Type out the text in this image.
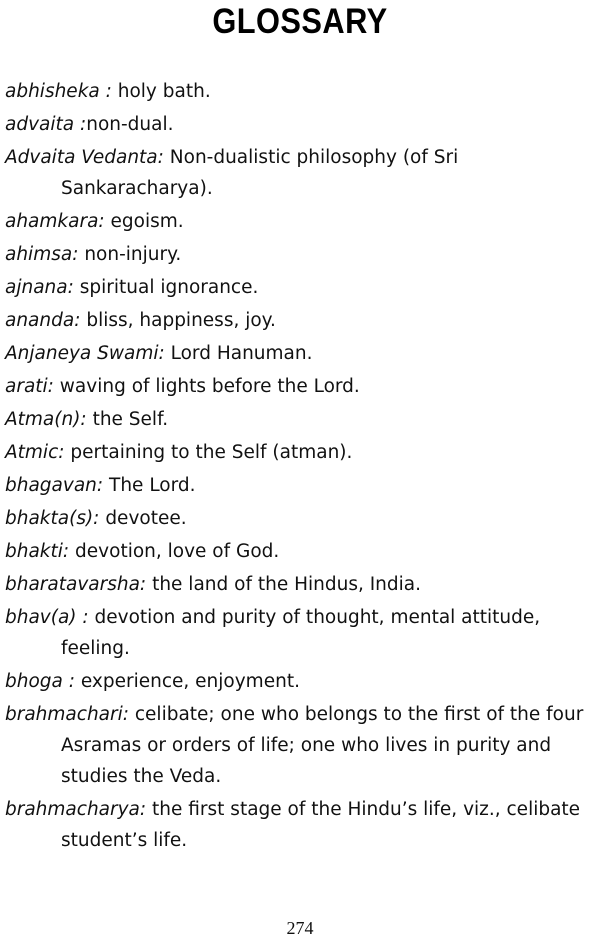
GLOSSARY
abhisheka : holy bath.
advaita :non-dual.
Advaita Vedanta: Non-dualistic philosophy (of Sri Sankaracharya).
ahamkara: egoism.
ahimsa: non-injury.
ajnana: spiritual ignorance.
ananda: bliss, happiness, joy.
Anjaneya Swami: Lord Hanuman.
arati: waving of lights before the Lord.
Atma(n): the Self.
Atmic: pertaining to the Self (atman).
bhagavan: The Lord.
bhakta(s): devotee.
bhakti: devotion, love of God.
bharatavarsha: the land of the Hindus, India.
bhav(a) : devotion and purity of thought, mental attitude, feeling.
bhoga : experience, enjoyment.
brahmachari: celibate; one who belongs to the first of the four Asramas or orders of life; one who lives in purity and studies the Veda.
brahmacharya: the first stage of the Hindu’s life, viz., celibate student’s life.
274
